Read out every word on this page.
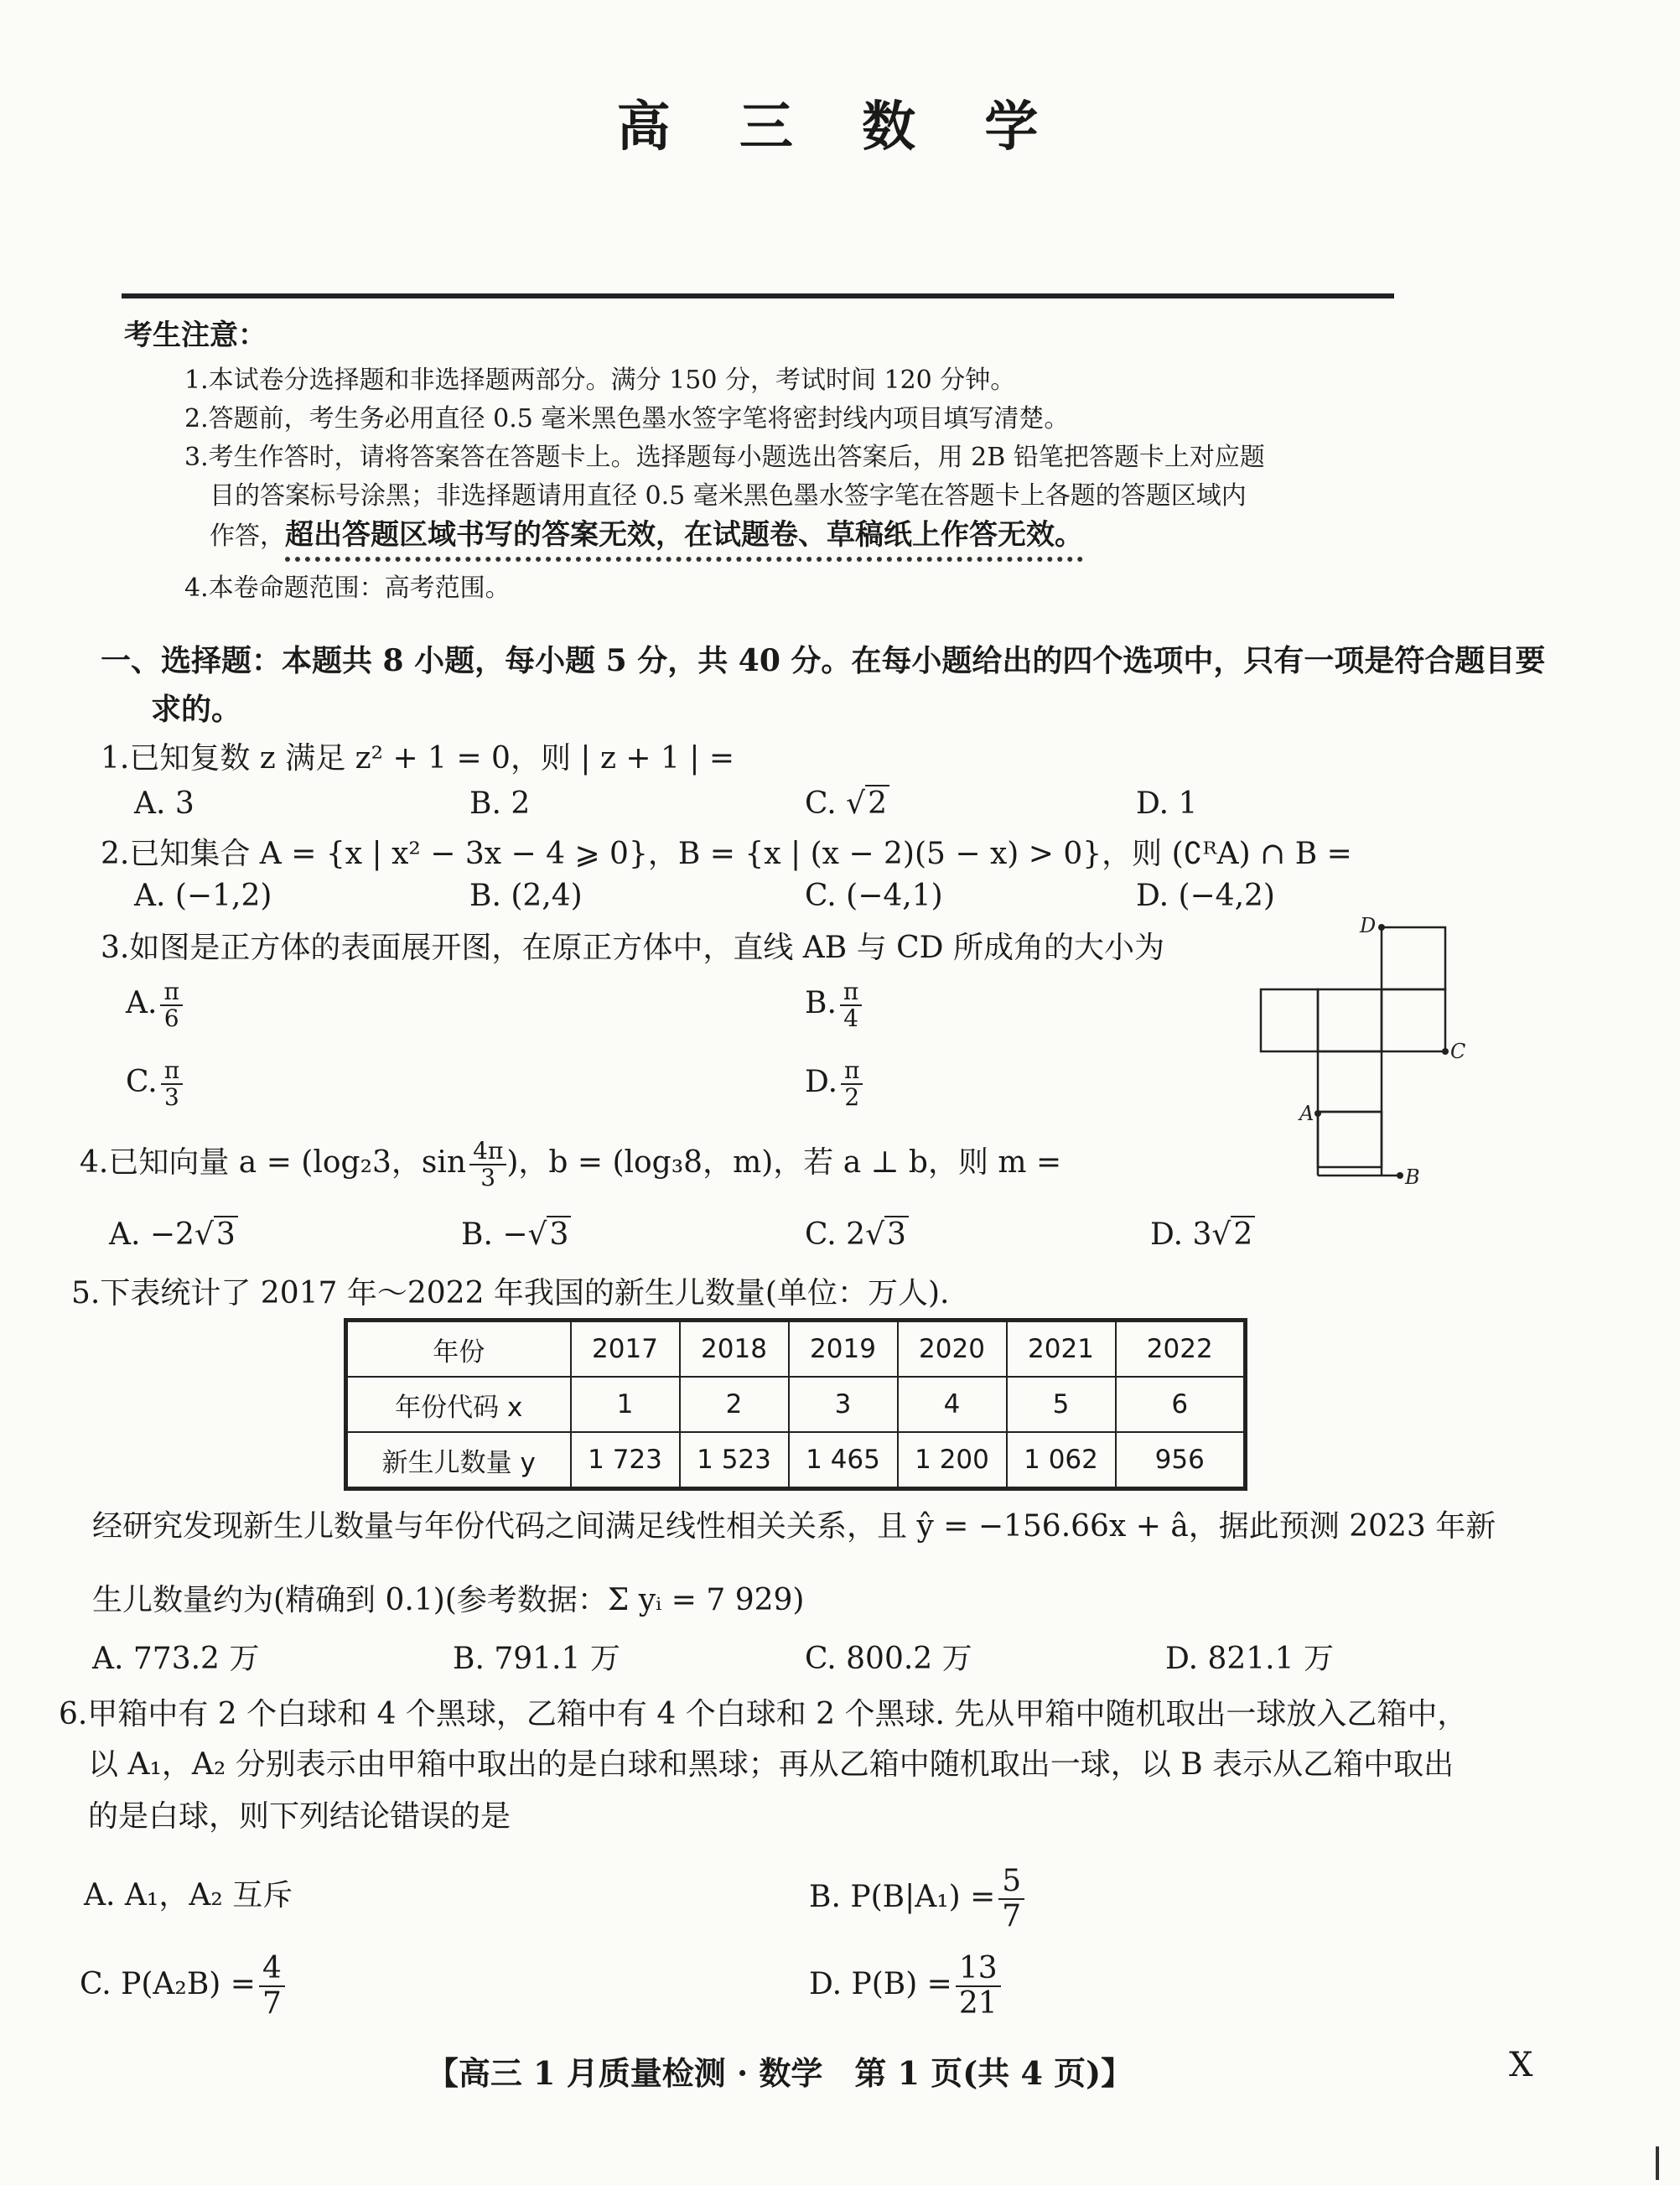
高 三 数 学
考生注意：
1.本试卷分选择题和非选择题两部分。满分 150 分，考试时间 120 分钟。
2.答题前，考生务必用直径 0.5 毫米黑色墨水签字笔将密封线内项目填写清楚。
3.考生作答时，请将答案答在答题卡上。选择题每小题选出答案后，用 2B 铅笔把答题卡上对应题
目的答案标号涂黑；非选择题请用直径 0.5 毫米黑色墨水签字笔在答题卡上各题的答题区域内
作答，超出答题区域书写的答案无效，在试题卷、草稿纸上作答无效。
4.本卷命题范围：高考范围。
一、选择题：本题共 8 小题，每小题 5 分，共 40 分。在每小题给出的四个选项中，只有一项是符合题目要
求的。
1.已知复数 z 满足 z² + 1 = 0，则 | z + 1 | =
A. 3	B. 2	C. √2	D. 1
2.已知集合 A = {x | x² − 3x − 4 ⩾ 0}，B = {x | (x − 2)(5 − x) > 0}，则 (∁ᴿA) ∩ B =
A. (−1,2)	B. (2,4)	C. (−4,1)	D. (−4,2)
3.如图是正方体的表面展开图，在原正方体中，直线 AB 与 CD 所成角的大小为
A. $\frac{\pi}{6}$	B. $\frac{\pi}{4}$
C. $\frac{\pi}{3}$	D. $\frac{\pi}{2}$
D
C
A
B
4.已知向量 a = (log₂3，$\sin \frac{4\pi}{3}$ )，b = (log₃8，m)，若 a ⊥ b，则 m =
A. −2√3	B. −√3	C. 2√3	D. 3√2
5.下表统计了 2017 年～2022 年我国的新生儿数量(单位：万人).
年份	2017	2018	2019	2020	2021	2022
年份代码 x	1	2	3	4	5	6
新生儿数量 y	1 723	1 523	1 465	1 200	1 062	956
经研究发现新生儿数量与年份代码之间满足线性相关关系，且 ŷ = −156.66x + â，据此预测 2023 年新
生儿数量约为(精确到 0.1)(参考数据：Σ yᵢ = 7 929)
A. 773.2 万	B. 791.1 万	C. 800.2 万	D. 821.1 万
6.甲箱中有 2 个白球和 4 个黑球，乙箱中有 4 个白球和 2 个黑球. 先从甲箱中随机取出一球放入乙箱中，
以 A₁，A₂ 分别表示由甲箱中取出的是白球和黑球；再从乙箱中随机取出一球，以 B 表示从乙箱中取出
的是白球，则下列结论错误的是
A. A₁，A₂ 互斥	B. $P(B|A_1) = \frac{5}{7}$
C. $P(A_2B) = \frac{4}{7}$	D. $P(B) = \frac{13}{21}$
【高三 1 月质量检测 · 数学　第 1 页(共 4 页)】	X
